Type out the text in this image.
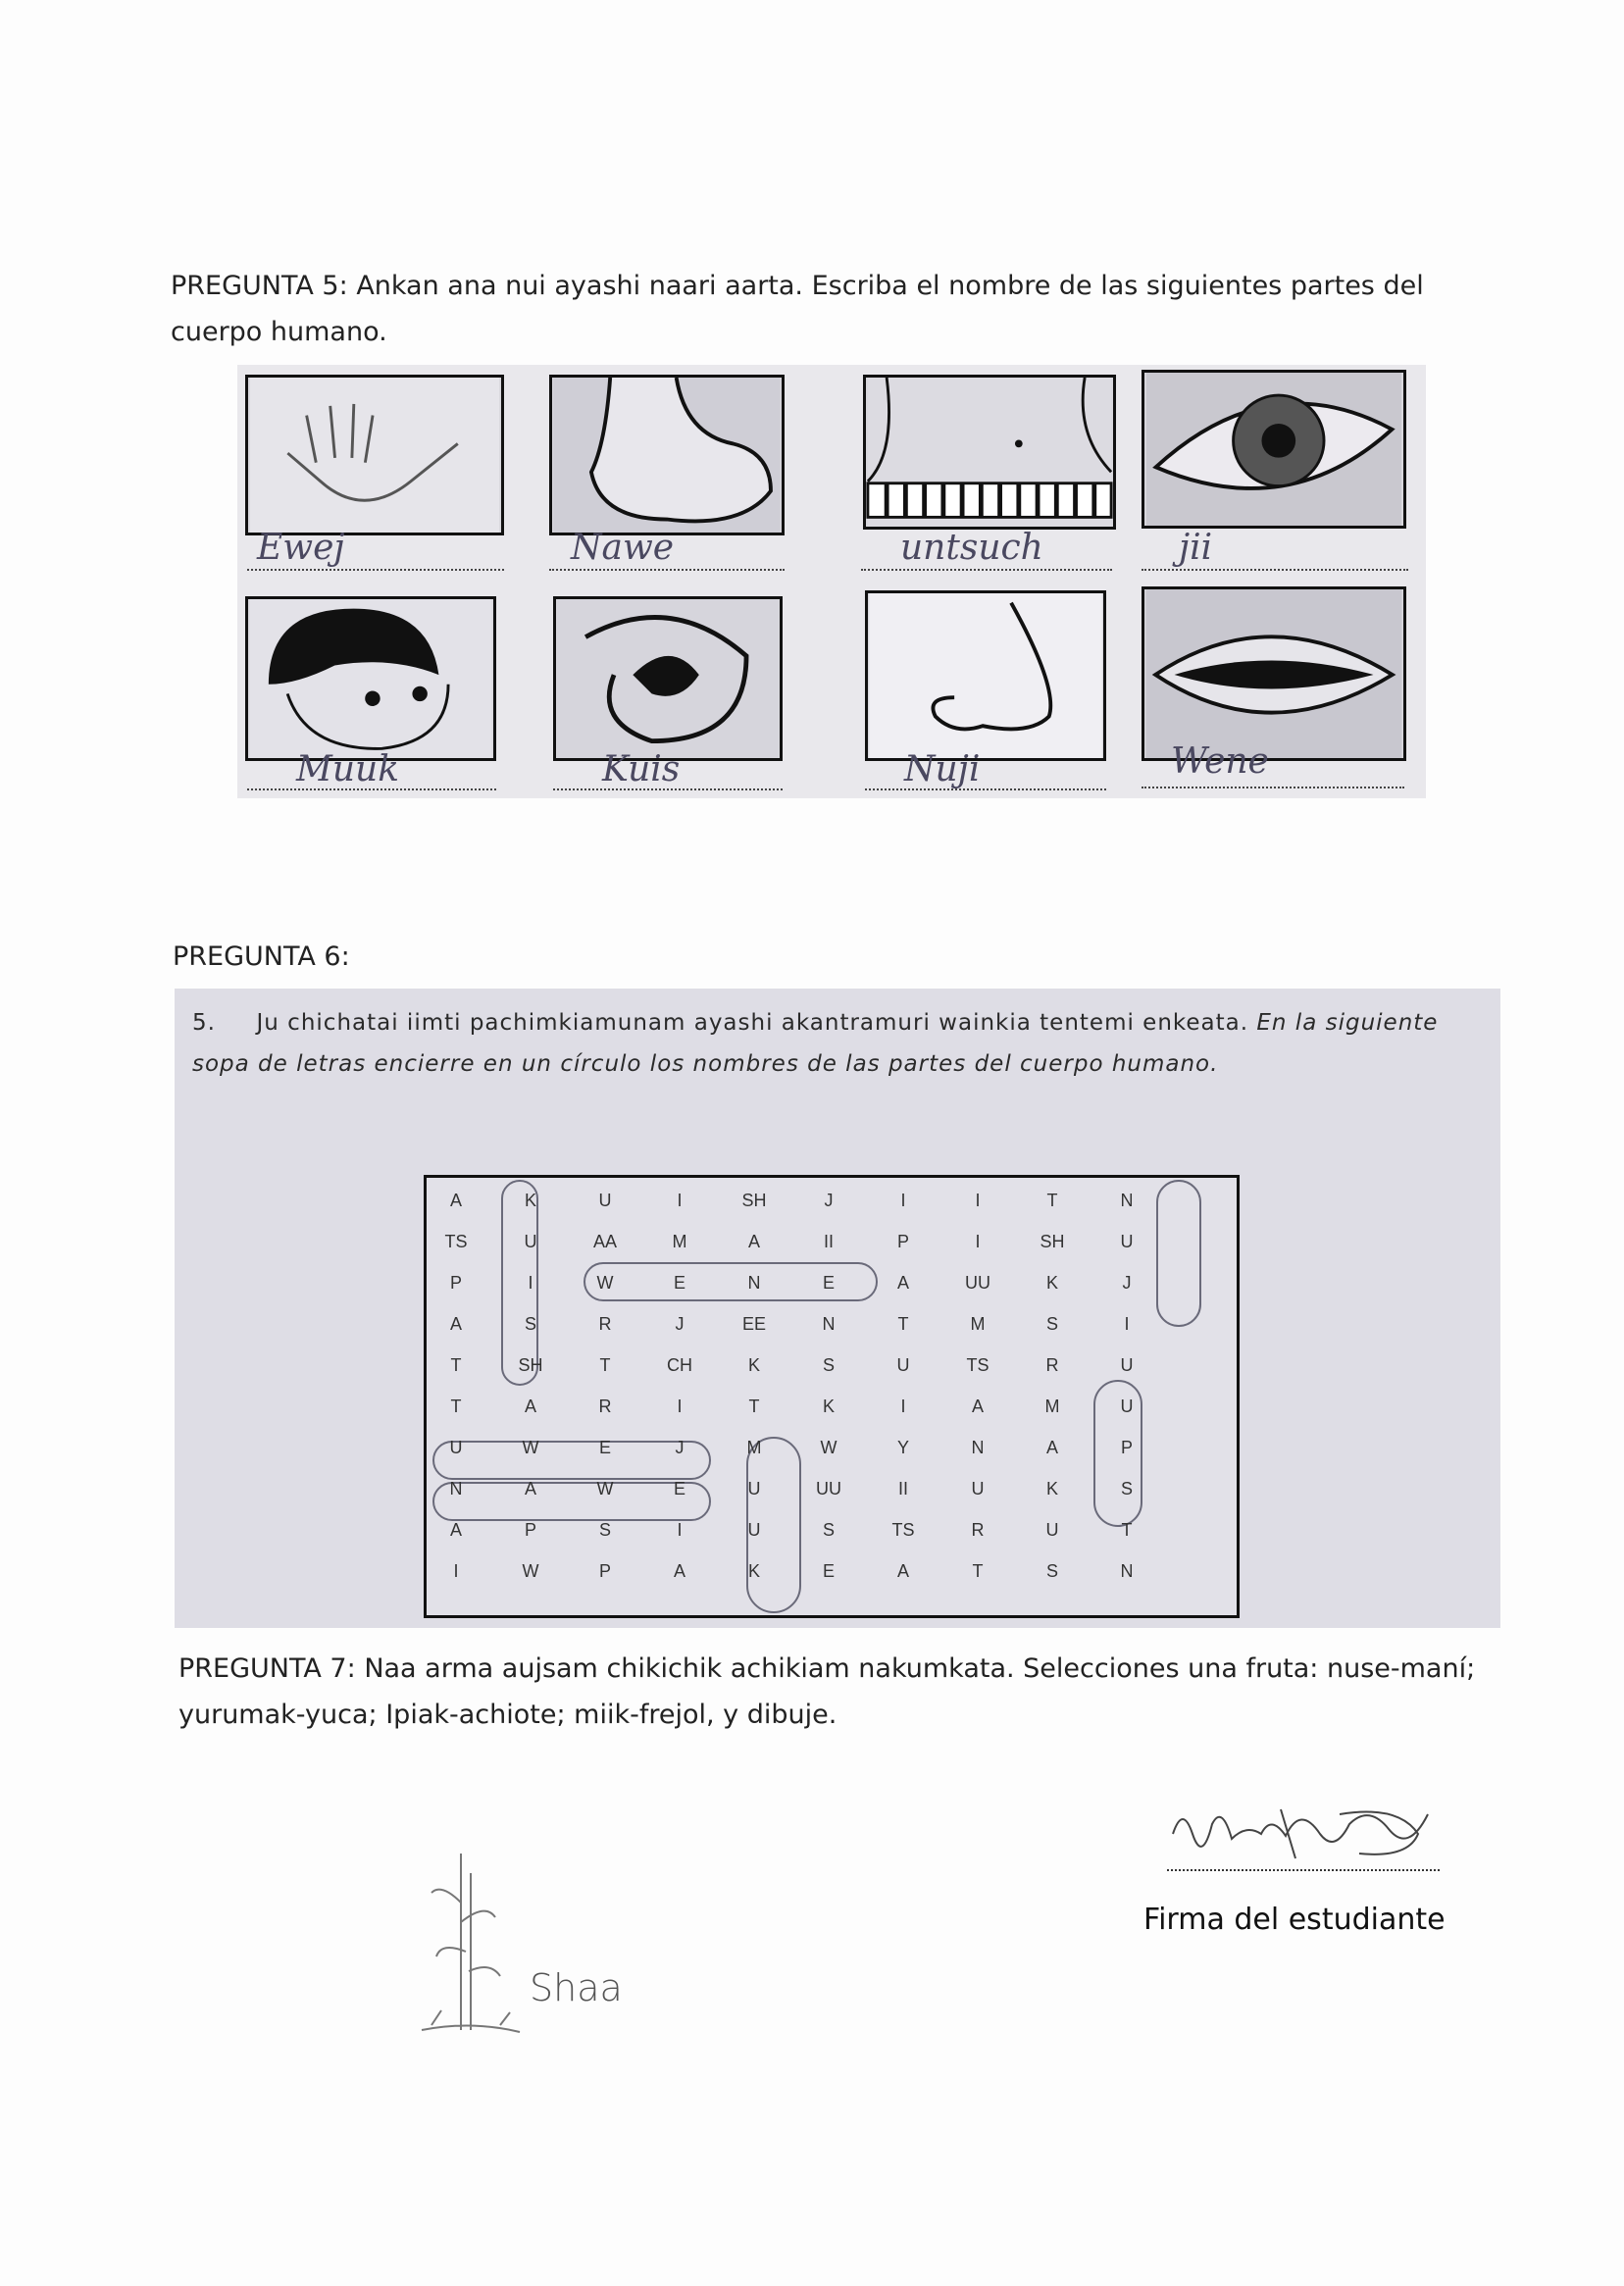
PREGUNTA 5: Ankan ana nui ayashi naari aarta. Escriba el nombre de las siguientes partes del cuerpo humano.
Ewej	Nawe	untsuch	jii
Muuk	Kuis	Nuji	Wene
PREGUNTA 6:
5. Ju chichatai iimti pachimkiamunam ayashi akantramuri wainkia tentemi enkeata. En la siguiente sopa de letras encierre en un círculo los nombres de las partes del cuerpo humano.
A	K	U	I	SH	J	I	I	T	N
TS	U	AA	M	A	II	P	I	SH	U
P	I	W	E	N	E	A	UU	K	J
A	S	R	J	EE	N	T	M	S	I
T	SH	T	CH	K	S	U	TS	R	U
T	A	R	I	T	K	I	A	M	U
U	W	E	J	M	W	Y	N	A	P
N	A	W	E	U	UU	II	U	K	S
A	P	S	I	U	S	TS	R	U	T
I	W	P	A	K	E	A	T	S	N
PREGUNTA 7: Naa arma aujsam chikichik achikiam nakumkata. Selecciones una fruta: nuse-maní; yurumak-yuca; Ipiak-achiote; miik-frejol, y dibuje.
Shaa
Firma del estudiante
